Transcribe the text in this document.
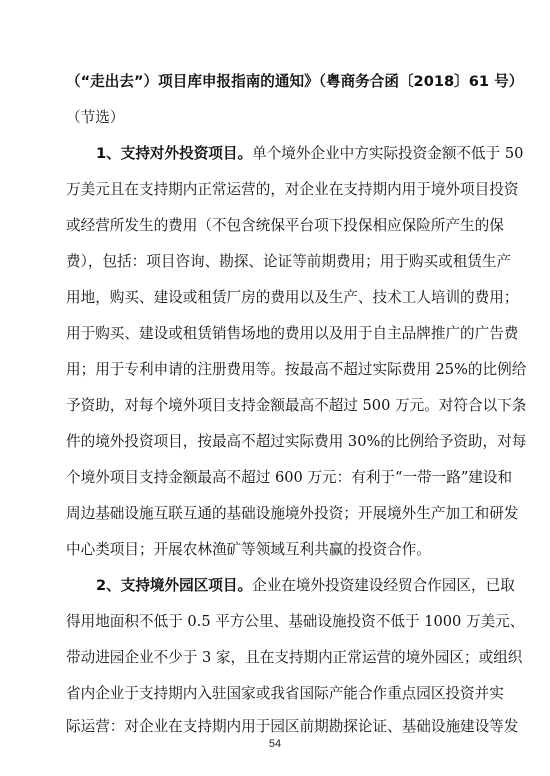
（“走出去”）项目库申报指南的通知》（粤商务合函〔2018〕61 号）
（节选）
1、支持对外投资项目。单个境外企业中方实际投资金额不低于 50
万美元且在支持期内正常运营的，对企业在支持期内用于境外项目投资
或经营所发生的费用（不包含统保平台项下投保相应保险所产生的保
费），包括：项目咨询、勘探、论证等前期费用；用于购买或租赁生产
用地，购买、建设或租赁厂房的费用以及生产、技术工人培训的费用；
用于购买、建设或租赁销售场地的费用以及用于自主品牌推广的广告费
用；用于专利申请的注册费用等。按最高不超过实际费用 25%的比例给
予资助，对每个境外项目支持金额最高不超过 500 万元。对符合以下条
件的境外投资项目，按最高不超过实际费用 30%的比例给予资助，对每
个境外项目支持金额最高不超过 600 万元：有利于“一带一路”建设和
周边基础设施互联互通的基础设施境外投资；开展境外生产加工和研发
中心类项目；开展农林渔矿等领域互利共赢的投资合作。
2、支持境外园区项目。企业在境外投资建设经贸合作园区，已取
得用地面积不低于 0.5 平方公里、基础设施投资不低于 1000 万美元、
带动进园企业不少于 3 家，且在支持期内正常运营的境外园区；或组织
省内企业于支持期内入驻国家或我省国际产能合作重点园区投资并实
际运营：对企业在支持期内用于园区前期勘探论证、基础设施建设等发
54
